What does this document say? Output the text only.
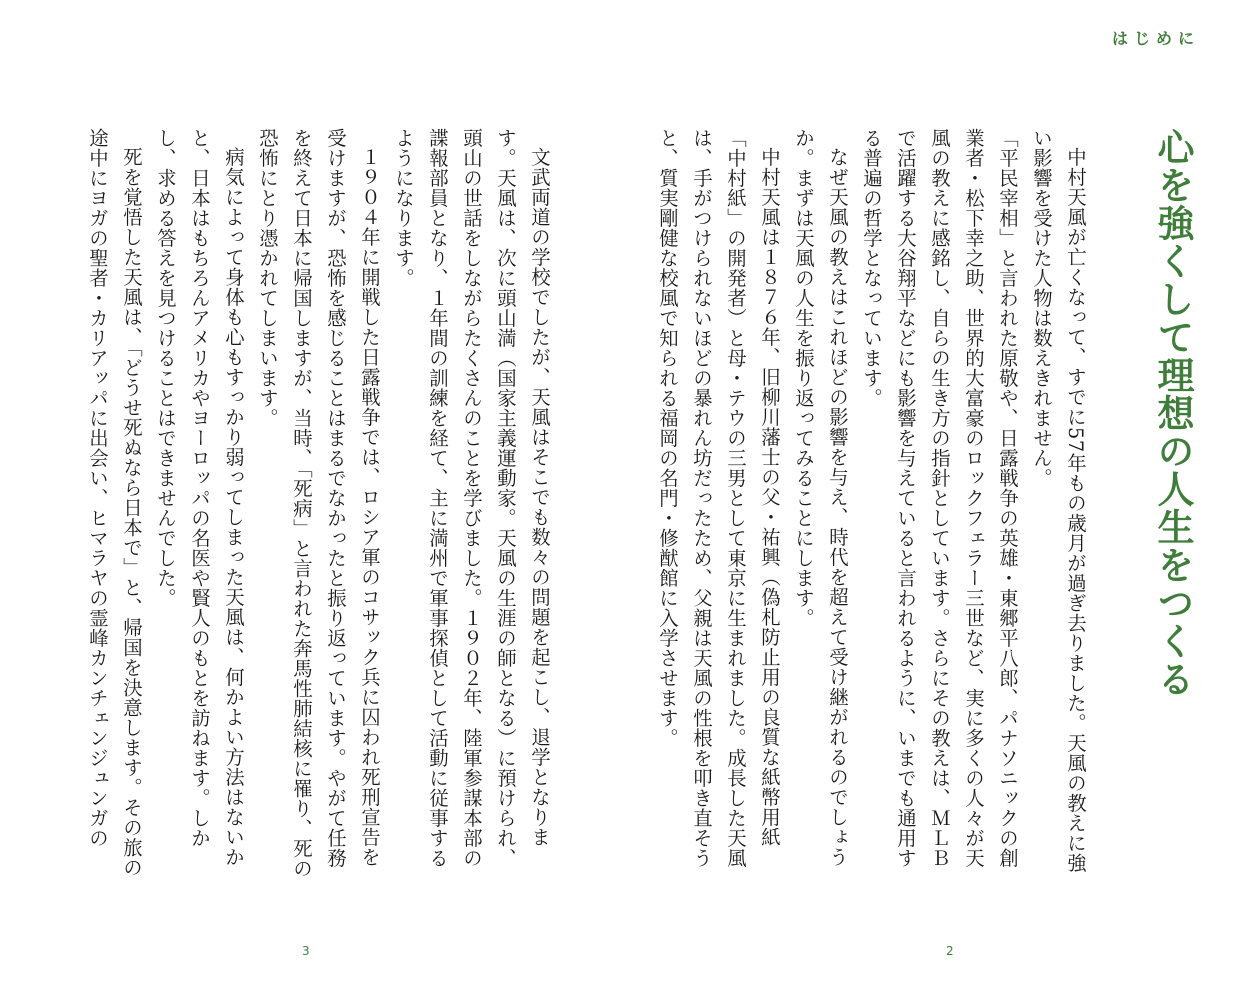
文武両道の学校でしたが、天風はそこでも数々の問題を起こし、退学となります。天風は、次に頭山満（国家主義運動家。天風の生涯の師となる）に預けられ、頭山の世話をしながらたくさんのことを学びました。１９０２年、陸軍参謀本部の諜報部員となり、１年間の訓練を経て、主に満州で軍事探偵として活動に従事するようになります。

１９０４年に開戦した日露戦争では、ロシア軍のコサック兵に囚われ死刑宣告を受けますが、恐怖を感じることはまるでなかったと振り返っています。やがて任務を終えて日本に帰国しますが、当時、「死病」と言われた奔馬性肺結核に罹り、死の恐怖にとり憑かれてしまいます。

病気によって身体も心もすっかり弱ってしまった天風は、何かよい方法はないかと、日本はもちろんアメリカやヨーロッパの名医や賢人のもとを訪ねます。しかし、求める答えを見つけることはできませんでした。

死を覚悟した天風は、「どうせ死ぬなら日本で」と、帰国を決意します。その旅の途中にヨガの聖者・カリアッパに出会い、ヒマラヤの霊峰カンチェンジュンガの

3
はじめに
心を強くして理想の人生をつくる

中村天風が亡くなって、すでに57年もの歳月が過ぎ去りました。天風の教えに強い影響を受けた人物は数えきれません。

「平民宰相」と言われた原敬や、日露戦争の英雄・東郷平八郎、パナソニックの創業者・松下幸之助、世界的大富豪のロックフェラー三世など、実に多くの人々が天風の教えに感銘し、自らの生き方の指針としています。さらにその教えは、ＭＬＢで活躍する大谷翔平などにも影響を与えていると言われるように、いまでも通用する普遍の哲学となっています。

なぜ天風の教えはこれほどの影響を与え、時代を超えて受け継がれるのでしょうか。まずは天風の人生を振り返ってみることにします。

中村天風は１８７６年、旧柳川藩士の父・祐興（偽札防止用の良質な紙幣用紙「中村紙」の開発者）と母・テウの三男として東京に生まれました。成長した天風は、手がつけられないほどの暴れん坊だったため、父親は天風の性根を叩き直そうと、質実剛健な校風で知られる福岡の名門・修猷館に入学させます。

2
